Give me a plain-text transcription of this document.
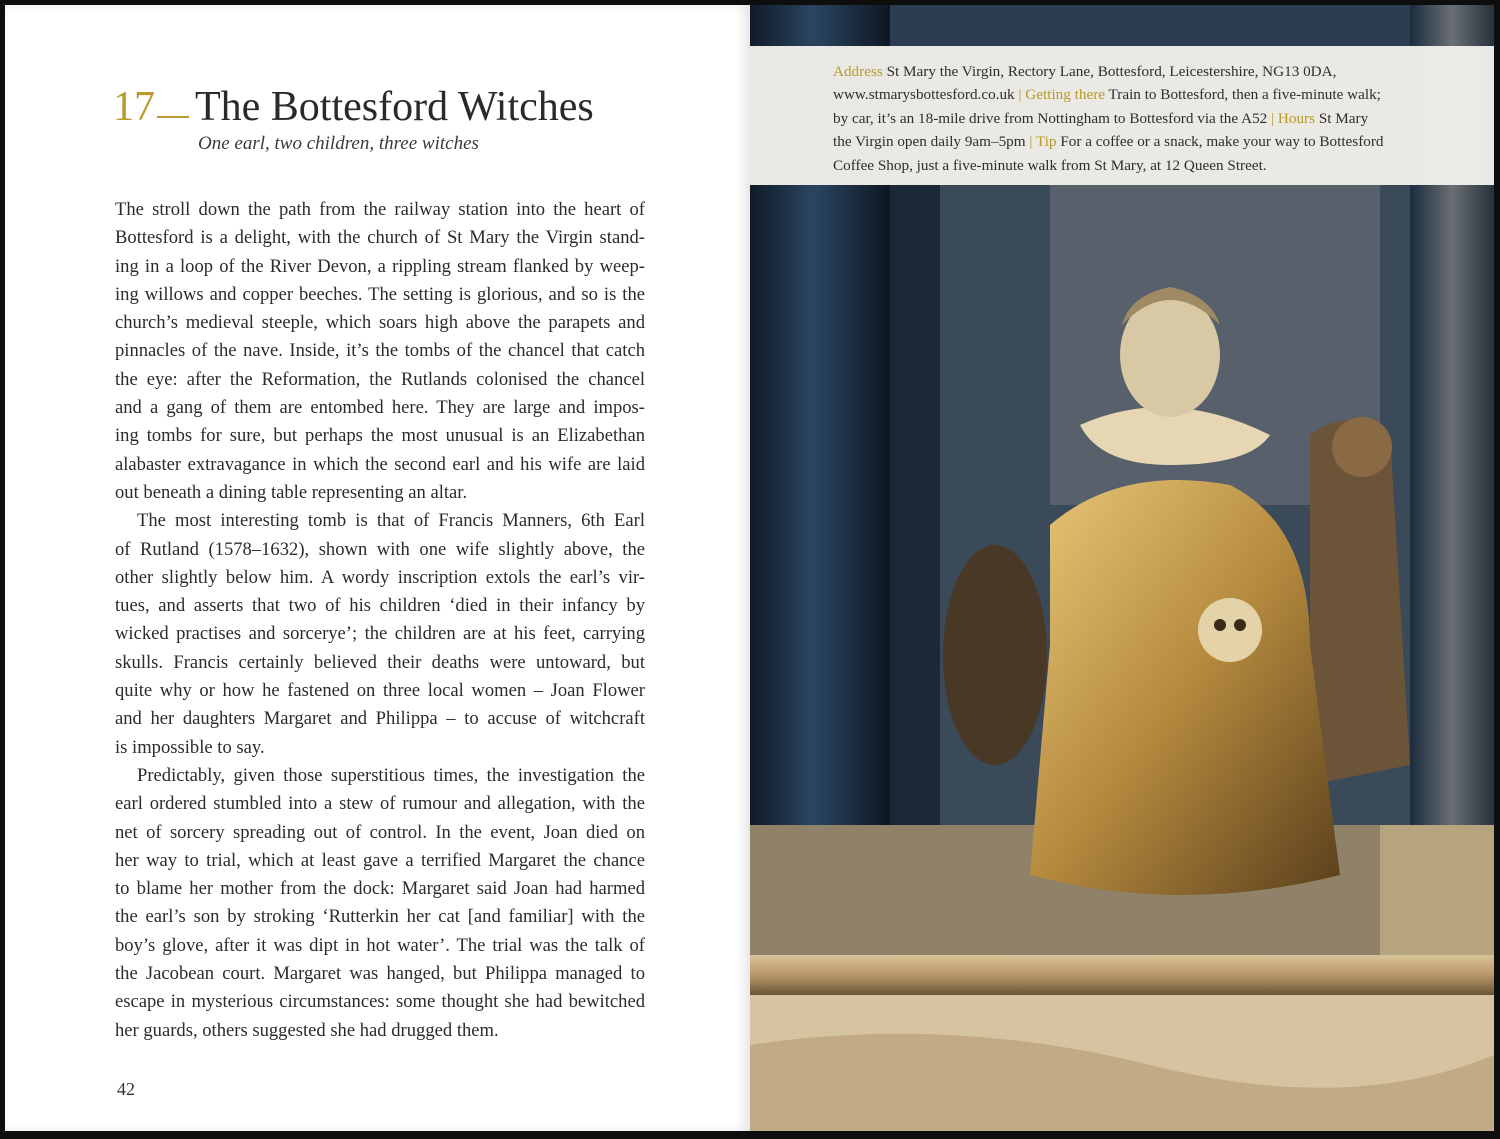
17 The Bottesford Witches
One earl, two children, three witches
The stroll down the path from the railway station into the heart of
Bottesford is a delight, with the church of St Mary the Virgin stand-
ing in a loop of the River Devon, a rippling stream flanked by weep-
ing willows and copper beeches. The setting is glorious, and so is the
church’s medieval steeple, which soars high above the parapets and
pinnacles of the nave. Inside, it’s the tombs of the chancel that catch
the eye: after the Reformation, the Rutlands colonised the chancel
and a gang of them are entombed here. They are large and impos-
ing tombs for sure, but perhaps the most unusual is an Elizabethan
alabaster extravagance in which the second earl and his wife are laid
out beneath a dining table representing an altar.
The most interesting tomb is that of Francis Manners, 6th Earl
of Rutland (1578–1632), shown with one wife slightly above, the
other slightly below him. A wordy inscription extols the earl’s vir-
tues, and asserts that two of his children ‘died in their infancy by
wicked practises and sorcerye’; the children are at his feet, carrying
skulls. Francis certainly believed their deaths were untoward, but
quite why or how he fastened on three local women – Joan Flower
and her daughters Margaret and Philippa – to accuse of witchcraft
is impossible to say.
Predictably, given those superstitious times, the investigation the
earl ordered stumbled into a stew of rumour and allegation, with the
net of sorcery spreading out of control. In the event, Joan died on
her way to trial, which at least gave a terrified Margaret the chance
to blame her mother from the dock: Margaret said Joan had harmed
the earl’s son by stroking ‘Rutterkin her cat [and familiar] with the
boy’s glove, after it was dipt in hot water’. The trial was the talk of
the Jacobean court. Margaret was hanged, but Philippa managed to
escape in mysterious circumstances: some thought she had bewitched
her guards, others suggested she had drugged them.
42
Address St Mary the Virgin, Rectory Lane, Bottesford, Leicestershire, NG13 0DA,
www.stmarysbottesford.co.uk | Getting there Train to Bottesford, then a five-minute walk;
by car, it’s an 18-mile drive from Nottingham to Bottesford via the A52 | Hours St Mary
the Virgin open daily 9am–5pm | Tip For a coffee or a snack, make your way to Bottesford
Coffee Shop, just a five-minute walk from St Mary, at 12 Queen Street.
